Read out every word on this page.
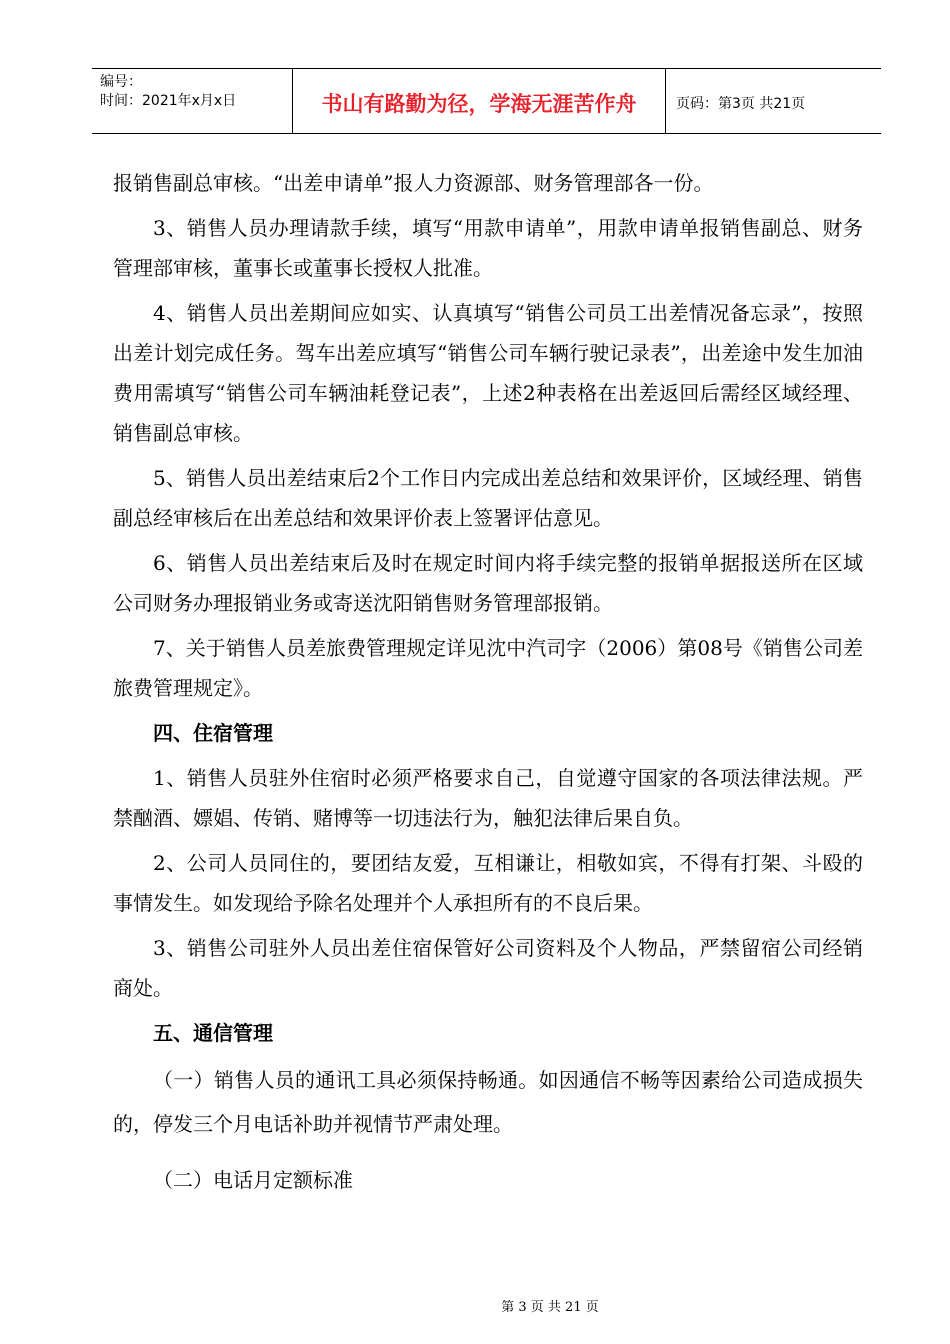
编号：
时间：2021年x月x日	书山有路勤为径，学海无涯苦作舟	页码：第3页 共21页

报销售副总审核。“出差申请单”报人力资源部、财务管理部各一份。

3、销售人员办理请款手续，填写“用款申请单”，用款申请单报销售副总、财务管理部审核，董事长或董事长授权人批准。

4、销售人员出差期间应如实、认真填写“销售公司员工出差情况备忘录”，按照出差计划完成任务。驾车出差应填写“销售公司车辆行驶记录表”，出差途中发生加油费用需填写“销售公司车辆油耗登记表”，上述2种表格在出差返回后需经区域经理、销售副总审核。

5、销售人员出差结束后2个工作日内完成出差总结和效果评价，区域经理、销售副总经审核后在出差总结和效果评价表上签署评估意见。

6、销售人员出差结束后及时在规定时间内将手续完整的报销单据报送所在区域公司财务办理报销业务或寄送沈阳销售财务管理部报销。

7、关于销售人员差旅费管理规定详见沈中汽司字（2006）第08号《销售公司差旅费管理规定》。

四、住宿管理

1、销售人员驻外住宿时必须严格要求自己，自觉遵守国家的各项法律法规。严禁酗酒、嫖娼、传销、赌博等一切违法行为，触犯法律后果自负。

2、公司人员同住的，要团结友爱，互相谦让，相敬如宾，不得有打架、斗殴的事情发生。如发现给予除名处理并个人承担所有的不良后果。

3、销售公司驻外人员出差住宿保管好公司资料及个人物品，严禁留宿公司经销商处。

五、通信管理

（一）销售人员的通讯工具必须保持畅通。如因通信不畅等因素给公司造成损失的，停发三个月电话补助并视情节严肃处理。

（二）电话月定额标准

第 3 页 共 21 页
